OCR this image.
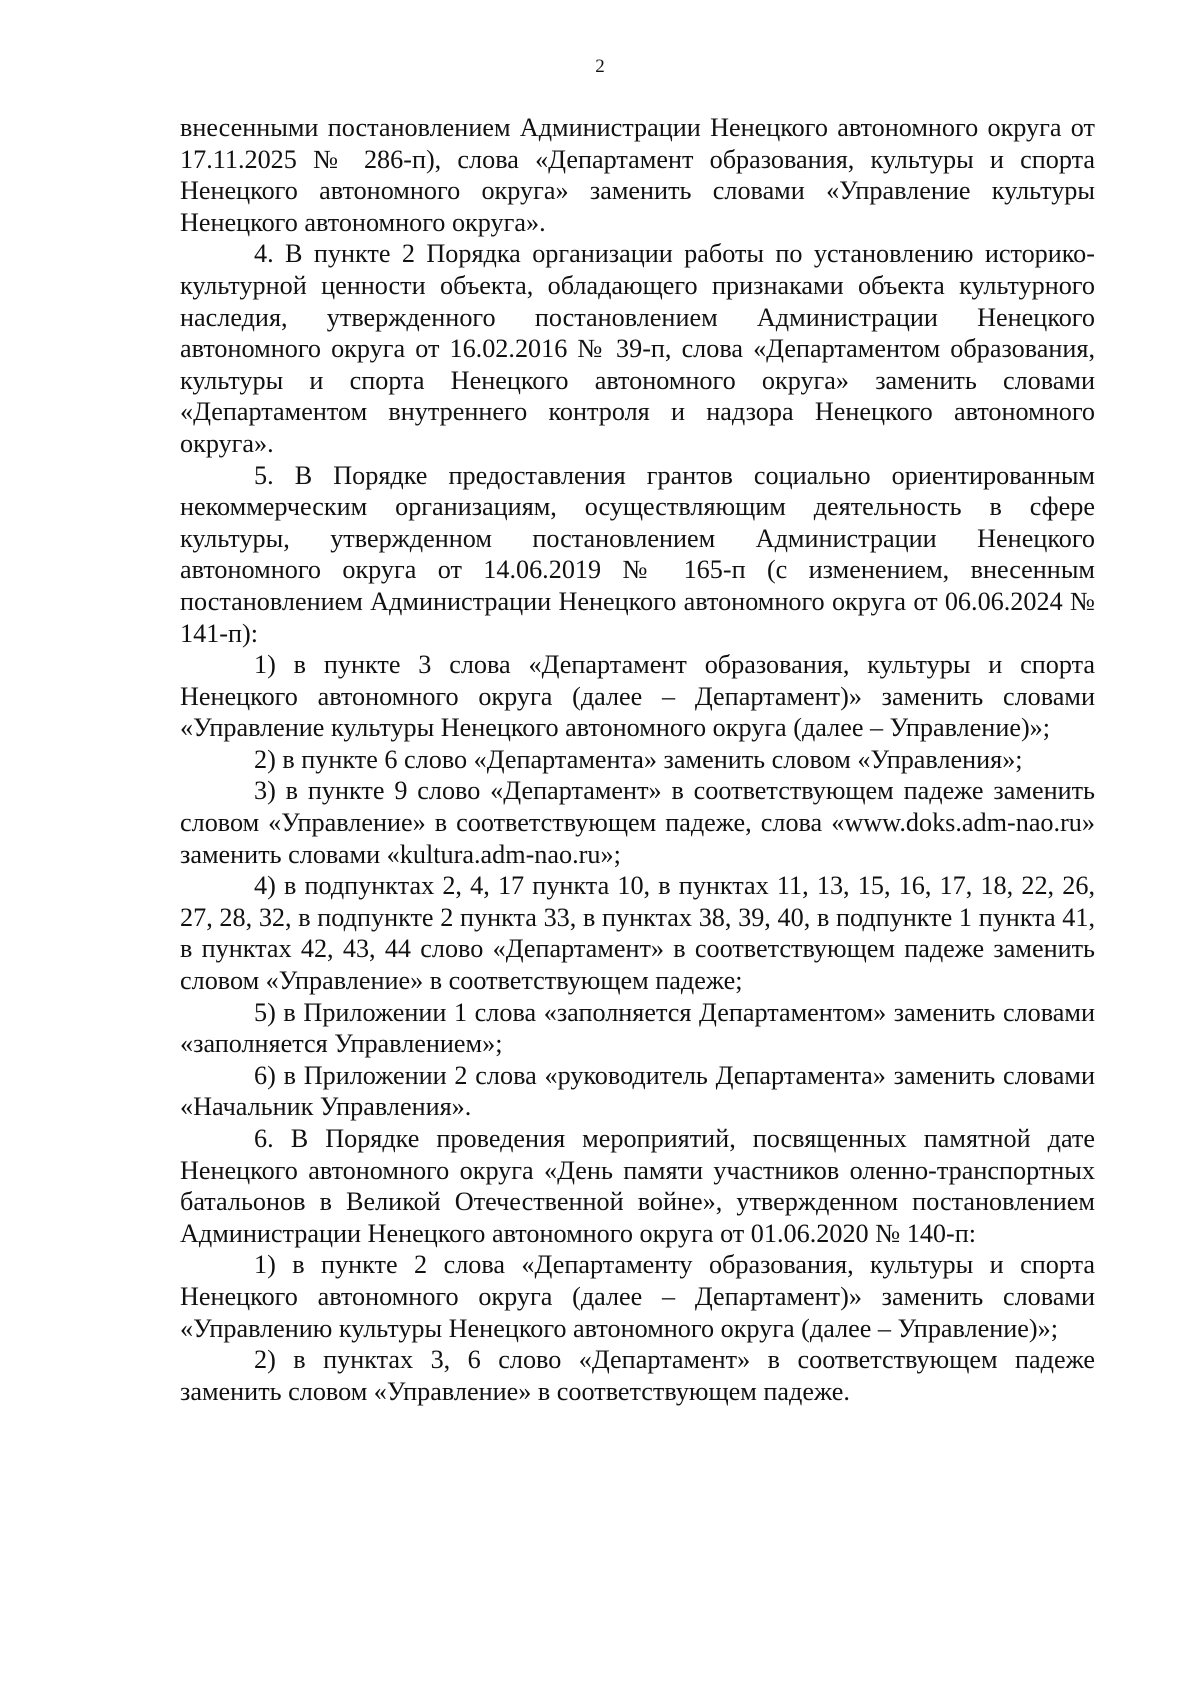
2

внесенными постановлением Администрации Ненецкого автономного округа от 17.11.2025 № 286-п), слова «Департамент образования, культуры и спорта Ненецкого автономного округа» заменить словами «Управление культуры Ненецкого автономного округа».

4. В пункте 2 Порядка организации работы по установлению историко-культурной ценности объекта, обладающего признаками объекта культурного наследия, утвержденного постановлением Администрации Ненецкого автономного округа от 16.02.2016 № 39-п, слова «Департаментом образования, культуры и спорта Ненецкого автономного округа» заменить словами «Департаментом внутреннего контроля и надзора Ненецкого автономного округа».

5. В Порядке предоставления грантов социально ориентированным некоммерческим организациям, осуществляющим деятельность в сфере культуры, утвержденном постановлением Администрации Ненецкого автономного округа от 14.06.2019 № 165-п (с изменением, внесенным постановлением Администрации Ненецкого автономного округа от 06.06.2024 № 141-п):

1) в пункте 3 слова «Департамент образования, культуры и спорта Ненецкого автономного округа (далее – Департамент)» заменить словами «Управление культуры Ненецкого автономного округа (далее – Управление)»;

2) в пункте 6 слово «Департамента» заменить словом «Управления»;

3) в пункте 9 слово «Департамент» в соответствующем падеже заменить словом «Управление» в соответствующем падеже, слова «www.doks.adm-nao.ru» заменить словами «kultura.adm-nao.ru»;

4) в подпунктах 2, 4, 17 пункта 10, в пунктах 11, 13, 15, 16, 17, 18, 22, 26, 27, 28, 32, в подпункте 2 пункта 33, в пунктах 38, 39, 40, в подпункте 1 пункта 41, в пунктах 42, 43, 44 слово «Департамент» в соответствующем падеже заменить словом «Управление» в соответствующем падеже;

5) в Приложении 1 слова «заполняется Департаментом» заменить словами «заполняется Управлением»;

6) в Приложении 2 слова «руководитель Департамента» заменить словами «Начальник Управления».

6. В Порядке проведения мероприятий, посвященных памятной дате Ненецкого автономного округа «День памяти участников оленно-транспортных батальонов в Великой Отечественной войне», утвержденном постановлением Администрации Ненецкого автономного округа от 01.06.2020 № 140-п:

1) в пункте 2 слова «Департаменту образования, культуры и спорта Ненецкого автономного округа (далее – Департамент)» заменить словами «Управлению культуры Ненецкого автономного округа (далее – Управление)»;

2) в пунктах 3, 6 слово «Департамент» в соответствующем падеже заменить словом «Управление» в соответствующем падеже.
